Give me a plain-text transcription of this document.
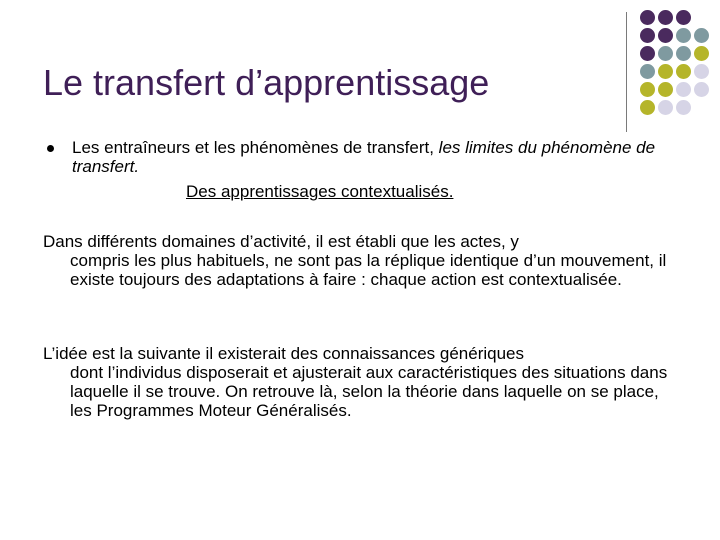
Le transfert d’apprentissage
Les entraîneurs et les phénomènes de transfert, les limites du phénomène de transfert.
Des apprentissages contextualisés.
Dans différents domaines d’activité, il est établi que les actes, y
compris les plus habituels, ne sont pas la réplique identique d’un mouvement, il existe toujours des adaptations à faire : chaque action est contextualisée.
L’idée est la suivante il existerait des connaissances génériques
dont l’individus disposerait et ajusterait aux caractéristiques des situations dans laquelle il se trouve. On retrouve là, selon la théorie dans laquelle on se place, les Programmes Moteur Généralisés.
